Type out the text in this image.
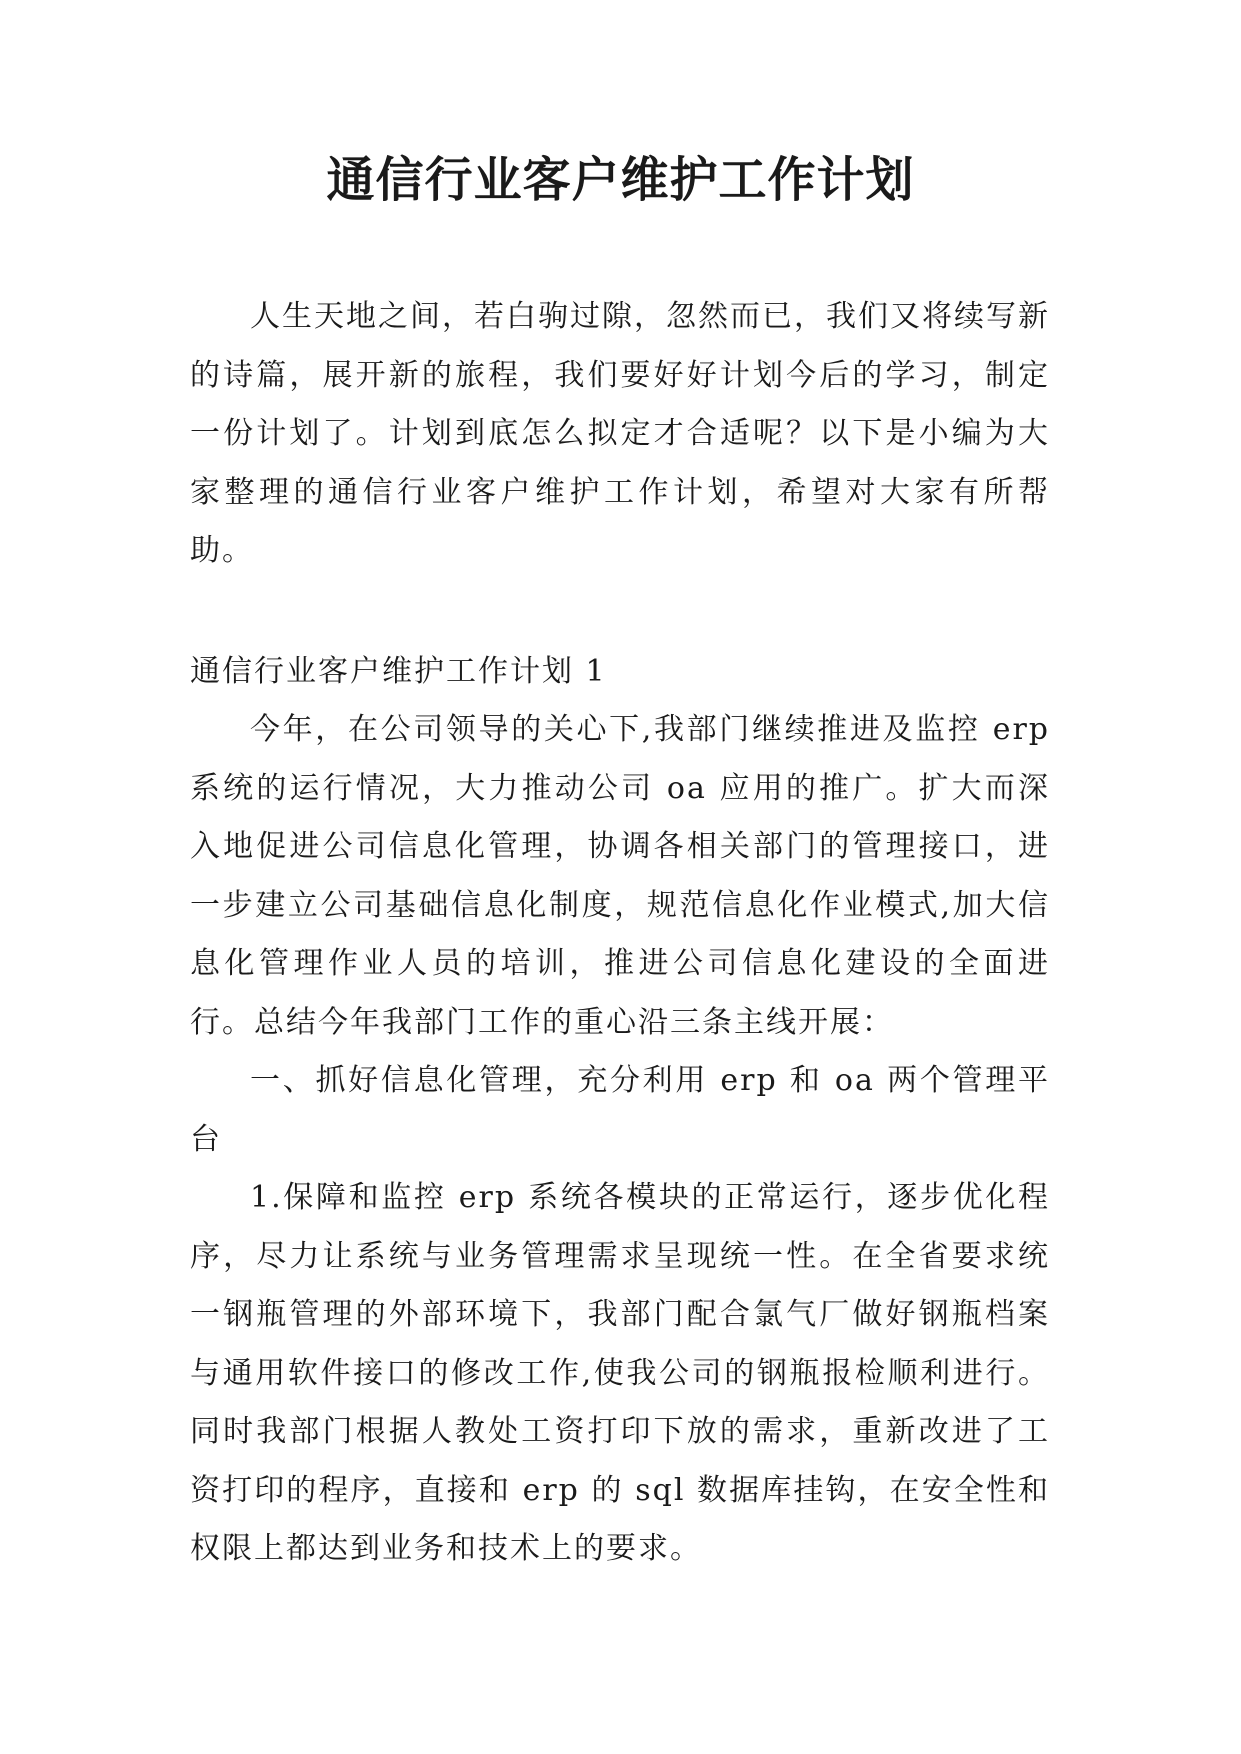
通信行业客户维护工作计划

人生天地之间，若白驹过隙，忽然而已，我们又将续写新的诗篇，展开新的旅程，我们要好好计划今后的学习，制定一份计划了。计划到底怎么拟定才合适呢？以下是小编为大家整理的通信行业客户维护工作计划，希望对大家有所帮助。

通信行业客户维护工作计划 1

今年，在公司领导的关心下,我部门继续推进及监控 erp 系统的运行情况，大力推动公司 oa 应用的推广。扩大而深入地促进公司信息化管理，协调各相关部门的管理接口，进一步建立公司基础信息化制度，规范信息化作业模式,加大信息化管理作业人员的培训，推进公司信息化建设的全面进行。总结今年我部门工作的重心沿三条主线开展：

一、抓好信息化管理，充分利用 erp 和 oa 两个管理平台

1.保障和监控 erp 系统各模块的正常运行，逐步优化程序，尽力让系统与业务管理需求呈现统一性。在全省要求统一钢瓶管理的外部环境下，我部门配合氯气厂做好钢瓶档案与通用软件接口的修改工作,使我公司的钢瓶报检顺利进行。同时我部门根据人教处工资打印下放的需求，重新改进了工资打印的程序，直接和 erp 的 sql 数据库挂钩，在安全性和权限上都达到业务和技术上的要求。
